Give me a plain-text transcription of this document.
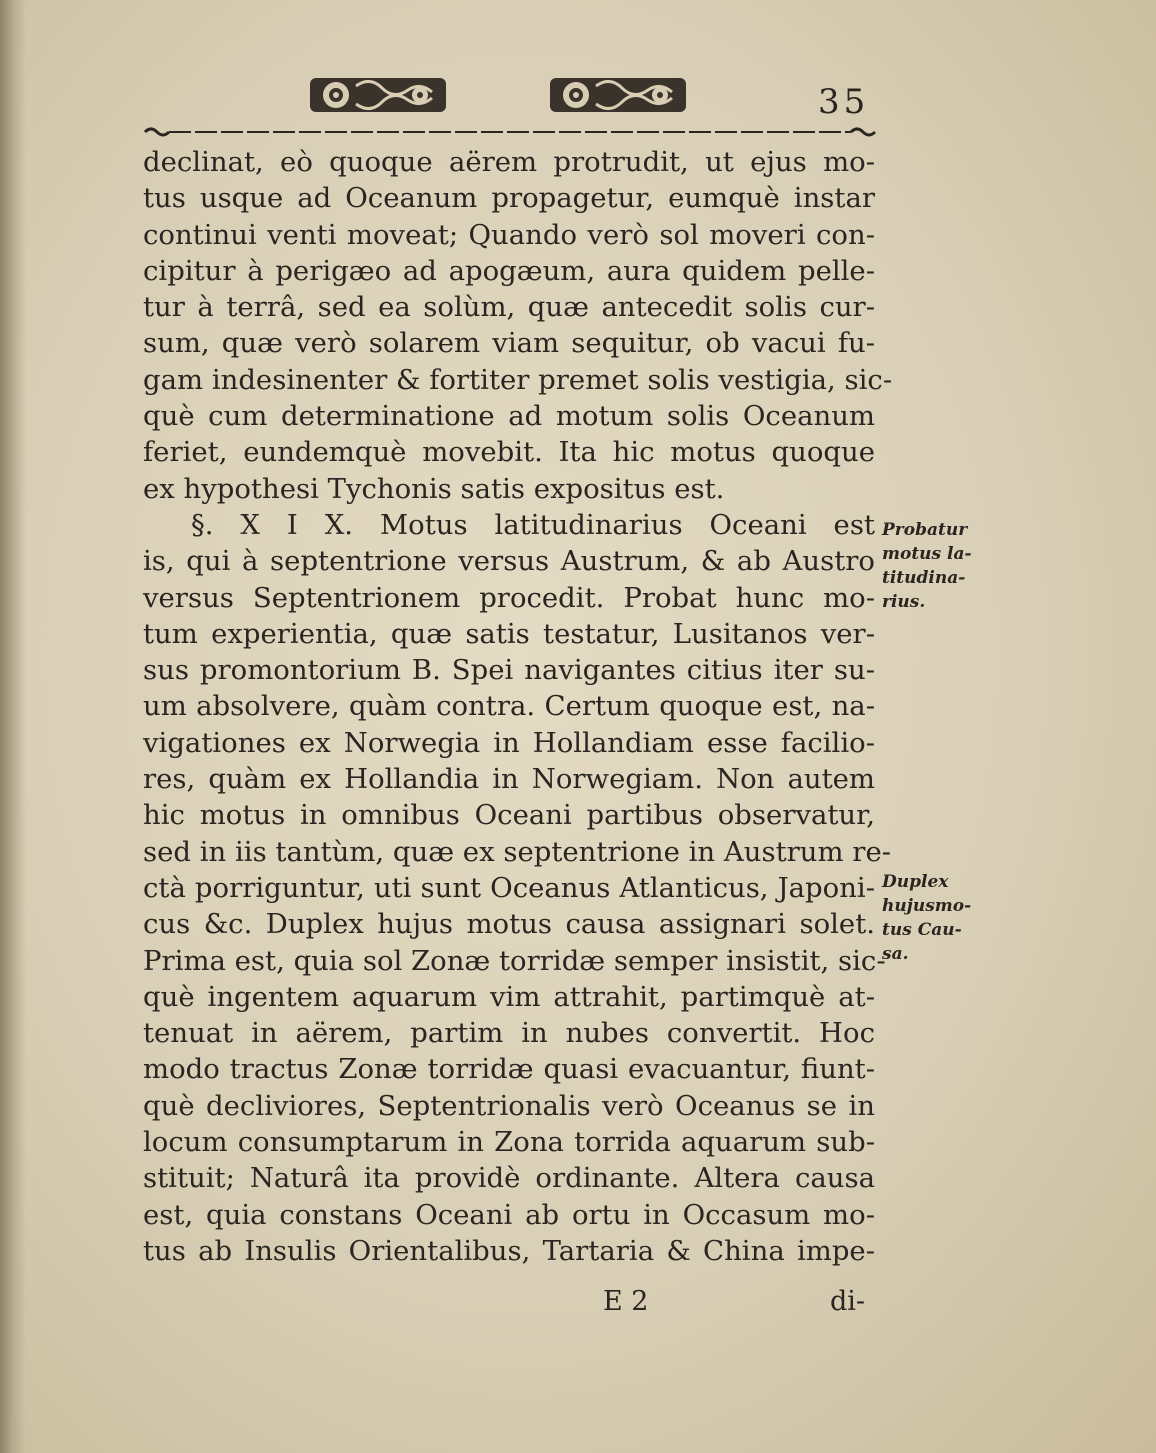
35
declinat, eò quoque aërem protrudit, ut ejus mo-
tus usque ad Oceanum propagetur, eumquè instar
continui venti moveat; Quando verò sol moveri con-
cipitur à perigæo ad apogæum, aura quidem pelle-
tur à terrâ, sed ea solùm, quæ antecedit solis cur-
sum, quæ verò solarem viam sequitur, ob vacui fu-
gam indesinenter & fortiter premet solis vestigia, sic-
què cum determinatione ad motum solis Oceanum
feriet, eundemquè movebit. Ita hic motus quoque
ex hypothesi Tychonis satis expositus est.
§. X I X. Motus latitudinarius Oceani est
is, qui à septentrione versus Austrum, & ab Austro
versus Septentrionem procedit. Probat hunc mo-
tum experientia, quæ satis testatur, Lusitanos ver-
sus promontorium B. Spei navigantes citius iter su-
um absolvere, quàm contra. Certum quoque est, na-
vigationes ex Norwegia in Hollandiam esse facilio-
res, quàm ex Hollandia in Norwegiam. Non autem
hic motus in omnibus Oceani partibus observatur,
sed in iis tantùm, quæ ex septentrione in Austrum re-
ctà porriguntur, uti sunt Oceanus Atlanticus, Japoni-
cus &c. Duplex hujus motus causa assignari solet.
Prima est, quia sol Zonæ torridæ semper insistit, sic-
què ingentem aquarum vim attrahit, partimquè at-
tenuat in aërem, partim in nubes convertit. Hoc
modo tractus Zonæ torridæ quasi evacuantur, fiunt-
què decliviores, Septentrionalis verò Oceanus se in
locum consumptarum in Zona torrida aquarum sub-
stituit; Naturâ ita providè ordinante. Altera causa
est, quia constans Oceani ab ortu in Occasum mo-
tus ab Insulis Orientalibus, Tartaria & China impe-
Probatur
motus la-
titudina-
rius.
Duplex
hujusmo-
tus Cau-
sa.
E 2	di-
